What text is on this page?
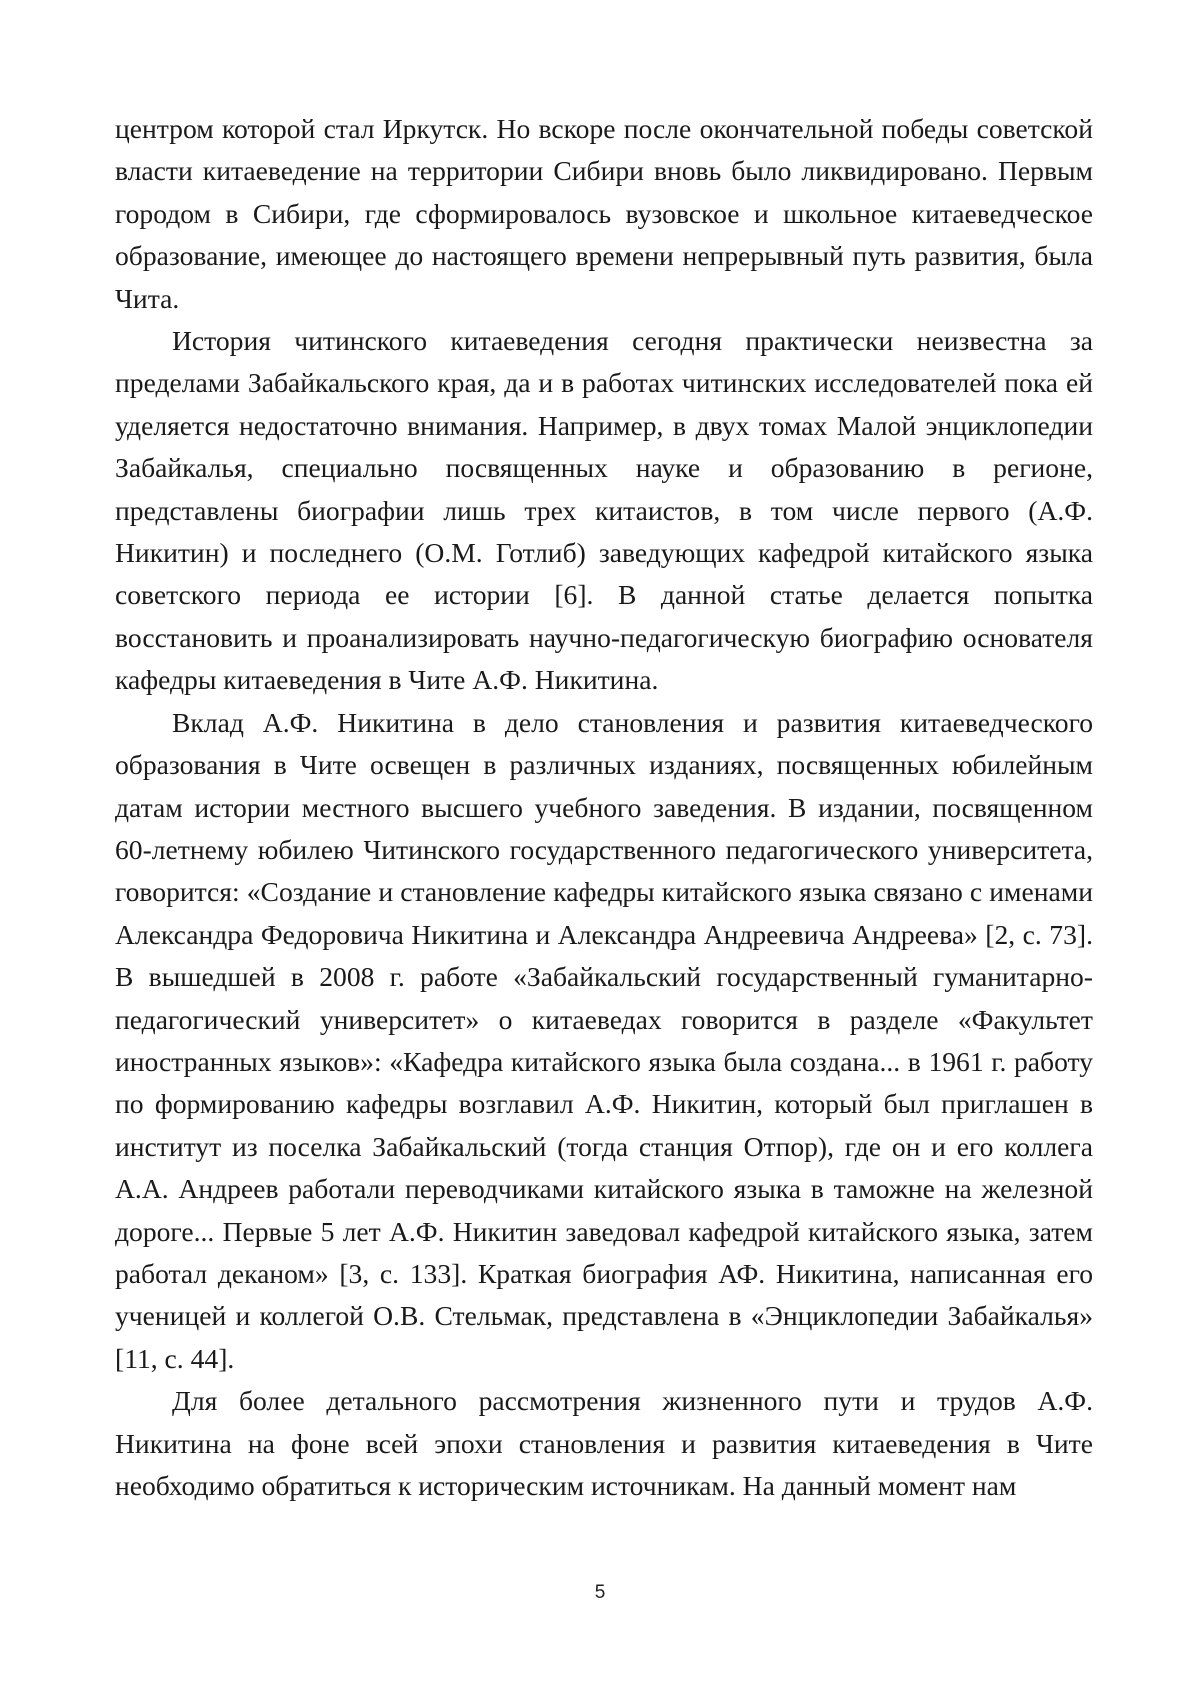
центром которой стал Иркутск. Но вскоре после окончательной победы советской власти китаеведение на территории Сибири вновь было ликвидировано. Первым городом в Сибири, где сформировалось вузовское и школьное китаеведческое образование, имеющее до настоящего времени непрерывный путь развития, была Чита.

История читинского китаеведения сегодня практически неизвестна за пределами Забайкальского края, да и в работах читинских исследователей пока ей уделяется недостаточно внимания. Например, в двух томах Малой энциклопедии Забайкалья, специально посвященных науке и образованию в регионе, представлены биографии лишь трех китаистов, в том числе первого (А.Ф. Никитин) и последнего (О.М. Готлиб) заведующих кафедрой китайского языка советского периода ее истории [6]. В данной статье делается попытка восстановить и проанализировать научно-педагогическую биографию основателя кафедры китаеведения в Чите А.Ф. Никитина.

Вклад А.Ф. Никитина в дело становления и развития китаеведческого образования в Чите освещен в различных изданиях, посвященных юбилейным датам истории местного высшего учебного заведения. В издании, посвященном 60-летнему юбилею Читинского государственного педагогического университета, говорится: «Создание и становление кафедры китайского языка связано с именами Александра Федоровича Никитина и Александра Андреевича Андреева» [2, с. 73]. В вышедшей в 2008 г. работе «Забайкальский государственный гуманитарно-педагогический университет» о китаеведах говорится в разделе «Факультет иностранных языков»: «Кафедра китайского языка была создана... в 1961 г. работу по формированию кафедры возглавил А.Ф. Никитин, который был приглашен в институт из поселка Забайкальский (тогда станция Отпор), где он и его коллега А.А. Андреев работали переводчиками китайского языка в таможне на железной дороге... Первые 5 лет А.Ф. Никитин заведовал кафедрой китайского языка, затем работал деканом» [3, с. 133]. Краткая биография АФ. Никитина, написанная его ученицей и коллегой О.В. Стельмак, представлена в «Энциклопедии Забайкалья» [11, с. 44].

Для более детального рассмотрения жизненного пути и трудов А.Ф. Никитина на фоне всей эпохи становления и развития китаеведения в Чите необходимо обратиться к историческим источникам. На данный момент нам

5
